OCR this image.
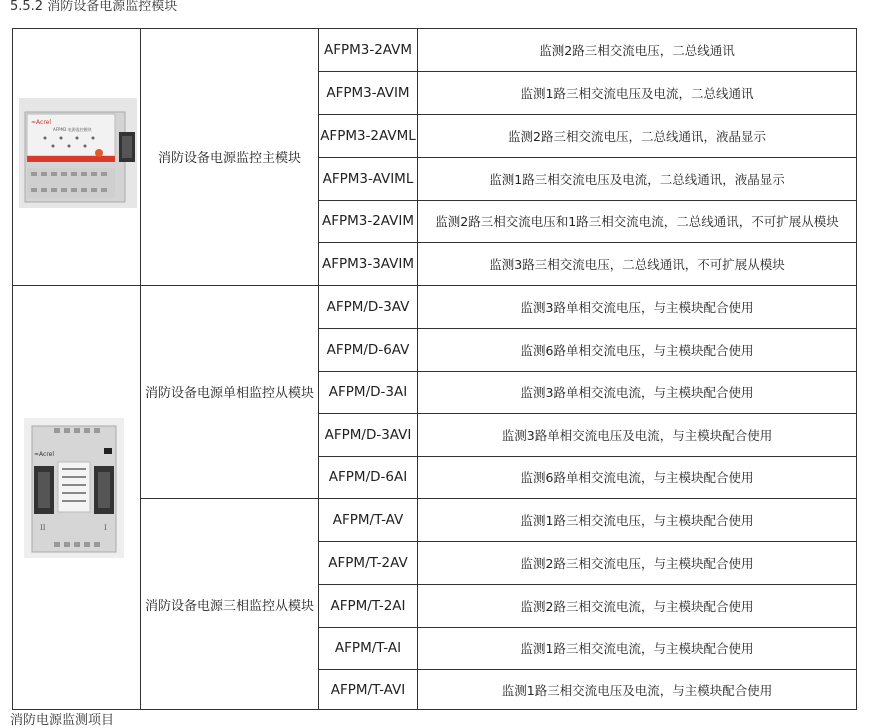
5.5.2 消防设备电源监控模块
≈Acrel
AFPM3 电源监控模块
≈Acrel
II	I
消防电源监测项目
消防设备电源监控主模块
AFPM3-2AVM	监测2路三相交流电压，二总线通讯
AFPM3-AVIM	监测1路三相交流电压及电流，二总线通讯
AFPM3-2AVML	监测2路三相交流电压，二总线通讯，液晶显示
AFPM3-AVIML	监测1路三相交流电压及电流，二总线通讯，液晶显示
AFPM3-2AVIM	监测2路三相交流电压和1路三相交流电流，二总线通讯，不可扩展从模块
AFPM3-3AVIM	监测3路三相交流电压，二总线通讯，不可扩展从模块
消防设备电源单相监控从模块
AFPM/D-3AV	监测3路单相交流电压，与主模块配合使用
AFPM/D-6AV	监测6路单相交流电压，与主模块配合使用
AFPM/D-3AI	监测3路单相交流电流，与主模块配合使用
AFPM/D-3AVI	监测3路单相交流电压及电流，与主模块配合使用
AFPM/D-6AI	监测6路单相交流电流，与主模块配合使用
消防设备电源三相监控从模块
AFPM/T-AV	监测1路三相交流电压，与主模块配合使用
AFPM/T-2AV	监测2路三相交流电压，与主模块配合使用
AFPM/T-2AI	监测2路三相交流电流，与主模块配合使用
AFPM/T-AI	监测1路三相交流电流，与主模块配合使用
AFPM/T-AVI	监测1路三相交流电压及电流，与主模块配合使用
